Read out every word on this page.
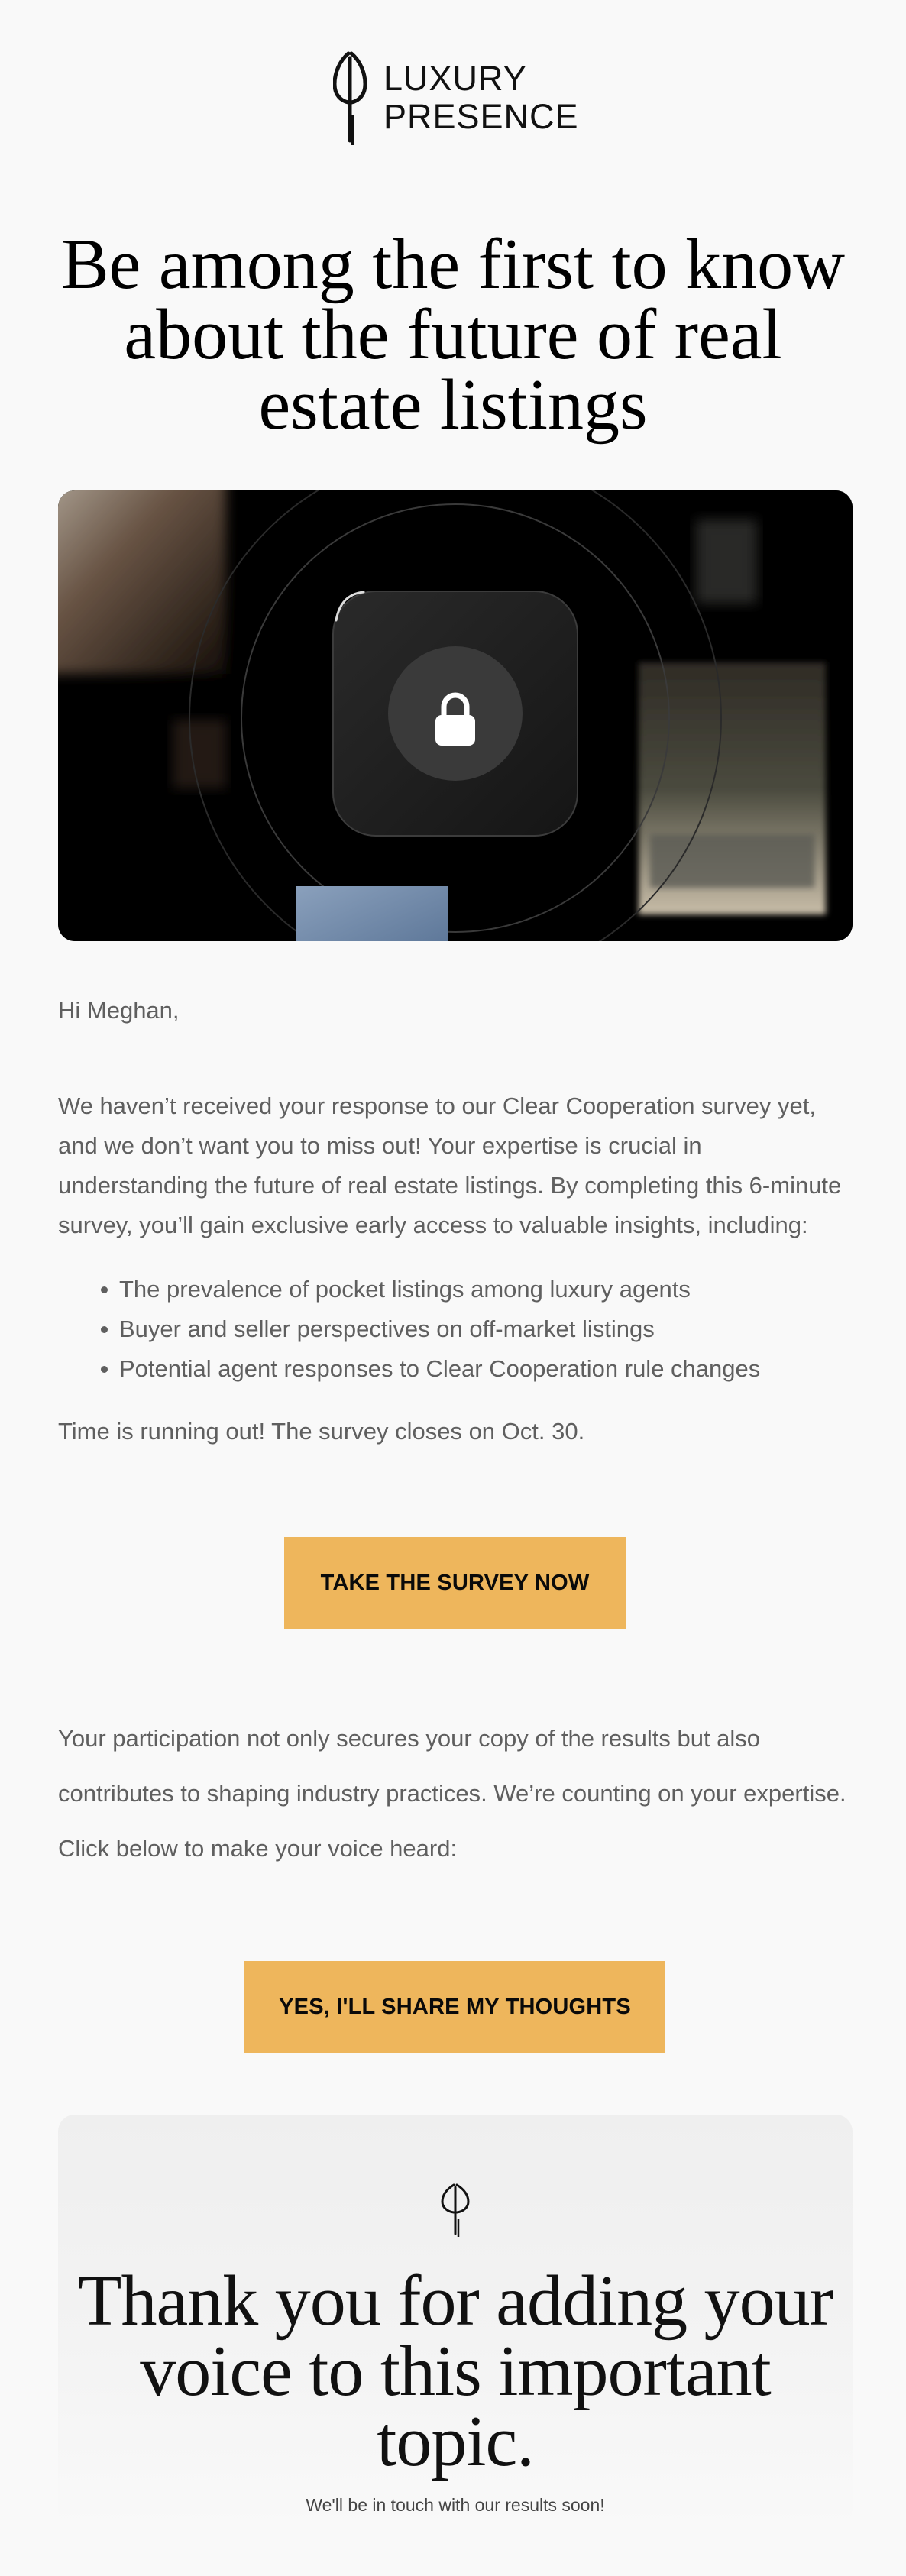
LUXURY
PRESENCE
Be among the first to know about the future of real estate listings

Hi Meghan,

We haven’t received your response to our Clear Cooperation survey yet, and we don’t want you to miss out! Your expertise is crucial in understanding the future of real estate listings. By completing this 6-minute survey, you’ll gain exclusive early access to valuable insights, including:

The prevalence of pocket listings among luxury agents
Buyer and seller perspectives on off-market listings
Potential agent responses to Clear Cooperation rule changes

Time is running out! The survey closes on Oct. 30.

TAKE THE SURVEY NOW

Your participation not only secures your copy of the results but also contributes to shaping industry practices. We’re counting on your expertise. Click below to make your voice heard:

YES, I'LL SHARE MY THOUGHTS
Thank you for adding your voice to this important topic.

We'll be in touch with our results soon!
